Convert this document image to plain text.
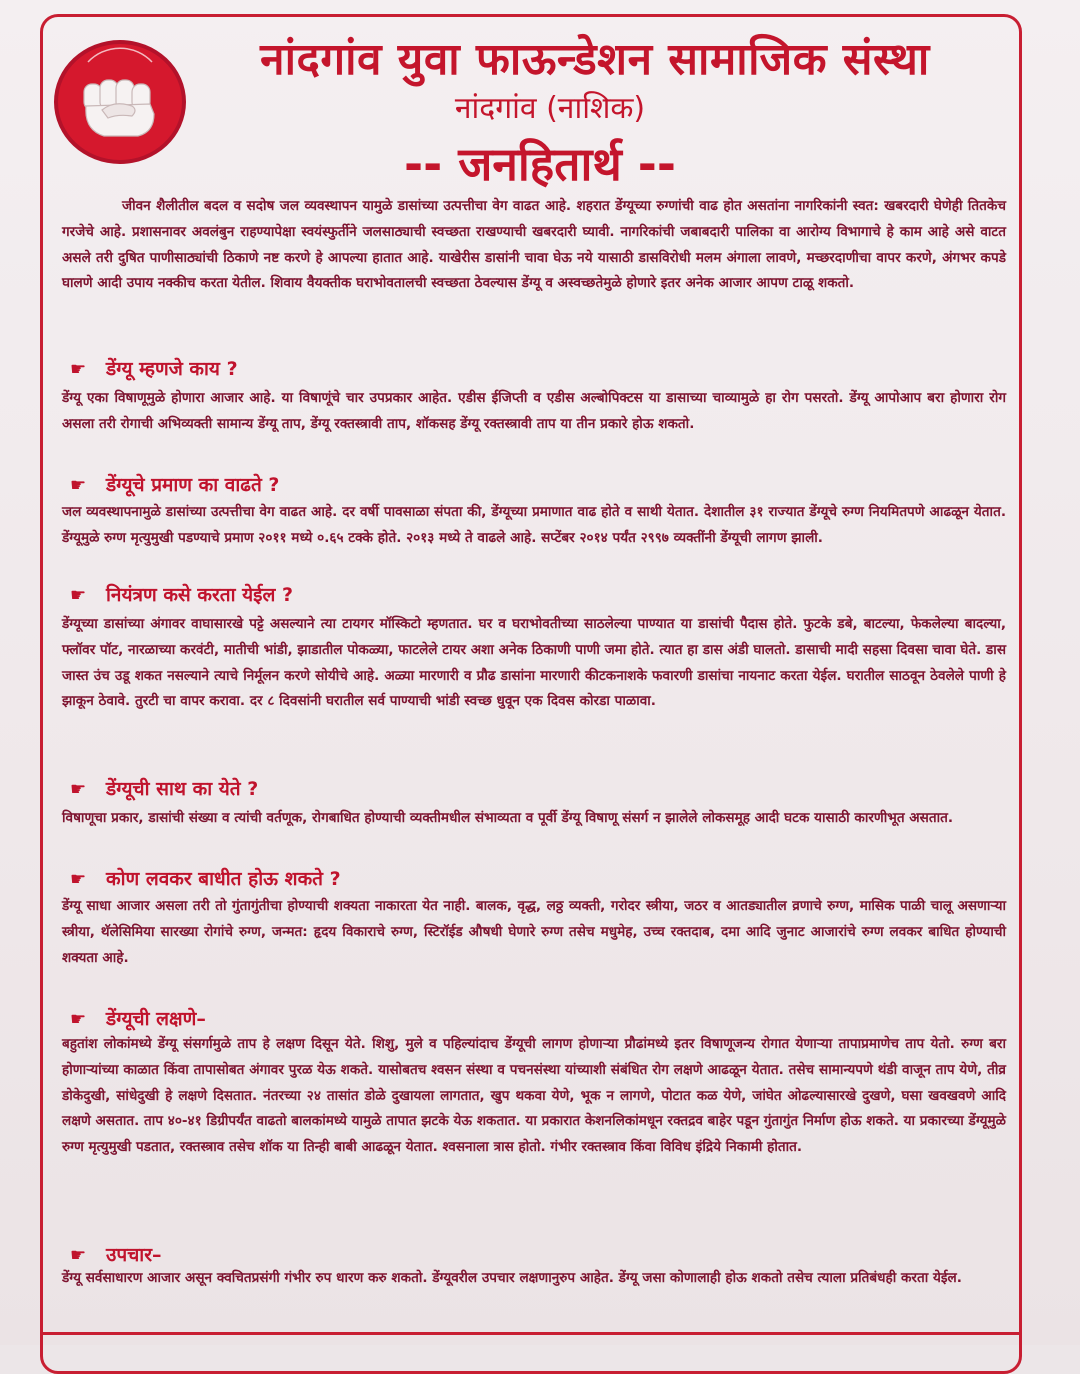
नांदगांव युवा फाऊन्डेशन सामाजिक संस्था
नांदगांव (नाशिक)
-- जनहितार्थ --
जीवन शैलीतील बदल व सदोष जल व्यवस्थापन यामुळे डासांच्या उत्पत्तीचा वेग वाढत आहे. शहरात डेंग्यूच्या रुग्णांची वाढ होत असतांना नागरिकांनी स्वत: खबरदारी घेणेही तितकेच गरजेचे आहे. प्रशासनावर अवलंबुन राहण्यापेक्षा स्वयंस्फुर्तीने जलसाठ्याची स्वच्छता राखण्याची खबरदारी घ्यावी. नागरिकांची जबाबदारी पालिका वा आरोग्य विभागाचे हे काम आहे असे वाटत असले तरी दुषित पाणीसाठ्यांची ठिकाणे नष्ट करणे हे आपल्या हातात आहे. याखेरीस डासांनी चावा घेऊ नये यासाठी डासविरोधी मलम अंगाला लावणे, मच्छरदाणीचा वापर करणे, अंगभर कपडे घालणे आदी उपाय नक्कीच करता येतील. शिवाय वैयक्तीक घराभोवतालची स्वच्छता ठेवल्यास डेंग्यू व अस्वच्छतेमुळे होणारे इतर अनेक आजार आपण टाळू शकतो.
☛ डेंग्यू म्हणजे काय ?
डेंग्यू एका विषाणूमुळे होणारा आजार आहे. या विषाणूंचे चार उपप्रकार आहेत. एडीस ईजिप्ती व एडीस अल्बोपिक्टस या डासाच्या चाव्यामुळे हा रोग पसरतो. डेंग्यू आपोआप बरा होणारा रोग असला तरी रोगाची अभिव्यक्ती सामान्य डेंग्यू ताप, डेंग्यू रक्तस्त्रावी ताप, शॉकसह डेंग्यू रक्तस्त्रावी ताप या तीन प्रकारे होऊ शकतो.
☛ डेंग्यूचे प्रमाण का वाढते ?
जल व्यवस्थापनामुळे डासांच्या उत्पत्तीचा वेग वाढत आहे. दर वर्षी पावसाळा संपता की, डेंग्यूच्या प्रमाणात वाढ होते व साथी येतात. देशातील ३१ राज्यात डेंग्यूचे रुग्ण नियमितपणे आढळून येतात. डेंग्यूमुळे रुग्ण मृत्युमुखी पडण्याचे प्रमाण २०११ मध्ये ०.६५ टक्के होते. २०१३ मध्ये ते वाढले आहे. सप्टेंबर २०१४ पर्यंत २९९७ व्यक्तींनी डेंग्यूची लागण झाली.
☛ नियंत्रण कसे करता येईल ?
डेंग्यूच्या डासांच्या अंगावर वाघासारखे पट्टे असल्याने त्या टायगर मॉस्किटो म्हणतात. घर व घराभोवतीच्या साठलेल्या पाण्यात या डासांची पैदास होते. फुटके डबे, बाटल्या, फेकलेल्या बादल्या, फ्लॉवर पॉट, नारळाच्या करवंटी, मातीची भांडी, झाडातील पोकळ्या, फाटलेले टायर अशा अनेक ठिकाणी पाणी जमा होते. त्यात हा डास अंडी घालतो. डासाची मादी सहसा दिवसा चावा घेते. डास जास्त उंच उडू शकत नसल्याने त्याचे निर्मूलन करणे सोयीचे आहे. अळ्या मारणारी व प्रौढ डासांना मारणारी कीटकनाशके फवारणी डासांचा नायनाट करता येईल. घरातील साठवून ठेवलेले पाणी हे झाकून ठेवावे. तुरटी चा वापर करावा. दर ८ दिवसांनी घरातील सर्व पाण्याची भांडी स्वच्छ धुवून एक दिवस कोरडा पाळावा.
☛ डेंग्यूची साथ का येते ?
विषाणूचा प्रकार, डासांची संख्या व त्यांची वर्तणूक, रोगबाधित होण्याची व्यक्तीमधील संभाव्यता व पूर्वी डेंग्यू विषाणू संसर्ग न झालेले लोकसमूह आदी घटक यासाठी कारणीभूत असतात.
☛ कोण लवकर बाधीत होऊ शकते ?
डेंग्यू साधा आजार असला तरी तो गुंतागुंतीचा होण्याची शक्यता नाकारता येत नाही. बालक, वृद्ध, लठ्ठ व्यक्ती, गरोदर स्त्रीया, जठर व आतड्यातील व्रणाचे रुग्ण, मासिक पाळी चालू असणाऱ्या स्त्रीया, थॅलेसिमिया सारख्या रोगांचे रुग्ण, जन्मत: हृदय विकाराचे रुग्ण, स्टिरॉईड औषधी घेणारे रुग्ण तसेच मधुमेह, उच्च रक्तदाब, दमा आदि जुनाट आजारांचे रुग्ण लवकर बाधित होण्याची शक्यता आहे.
☛ डेंग्यूची लक्षणे–
बहुतांश लोकांमध्ये डेंग्यू संसर्गामुळे ताप हे लक्षण दिसून येते. शिशु, मुले व पहिल्यांदाच डेंग्यूची लागण होणाऱ्या प्रौढांमध्ये इतर विषाणूजन्य रोगात येणाऱ्या तापाप्रमाणेच ताप येतो. रुग्ण बरा होणाऱ्यांच्या काळात किंवा तापासोबत अंगावर पुरळ येऊ शकते. यासोबतच श्वसन संस्था व पचनसंस्था यांच्याशी संबंधित रोग लक्षणे आढळून येतात. तसेच सामान्यपणे थंडी वाजून ताप येणे, तीव्र डोकेदुखी, सांधेदुखी हे लक्षणे दिसतात. नंतरच्या २४ तासांत डोळे दुखायला लागतात, खुप थकवा येणे, भूक न लागणे, पोटात कळ येणे, जांघेत ओढल्यासारखे दुखणे, घसा खवखवणे आदि लक्षणे असतात. ताप ४०-४१ डिग्रीपर्यंत वाढतो बालकांमध्ये यामुळे तापात झटके येऊ शकतात. या प्रकारात केशनलिकांमधून रक्तद्रव बाहेर पडून गुंतागुंत निर्माण होऊ शकते. या प्रकारच्या डेंग्यूमुळे रुग्ण मृत्युमुखी पडतात, रक्तस्त्राव तसेच शॉक या तिन्ही बाबी आढळून येतात. श्वसनाला त्रास होतो. गंभीर रक्तस्त्राव किंवा विविध इंद्रिये निकामी होतात.
☛ उपचार–
डेंग्यू सर्वसाधारण आजार असून क्वचितप्रसंगी गंभीर रुप धारण करु शकतो. डेंग्यूवरील उपचार लक्षणानुरुप आहेत. डेंग्यू जसा कोणालाही होऊ शकतो तसेच त्याला प्रतिबंधही करता येईल.
